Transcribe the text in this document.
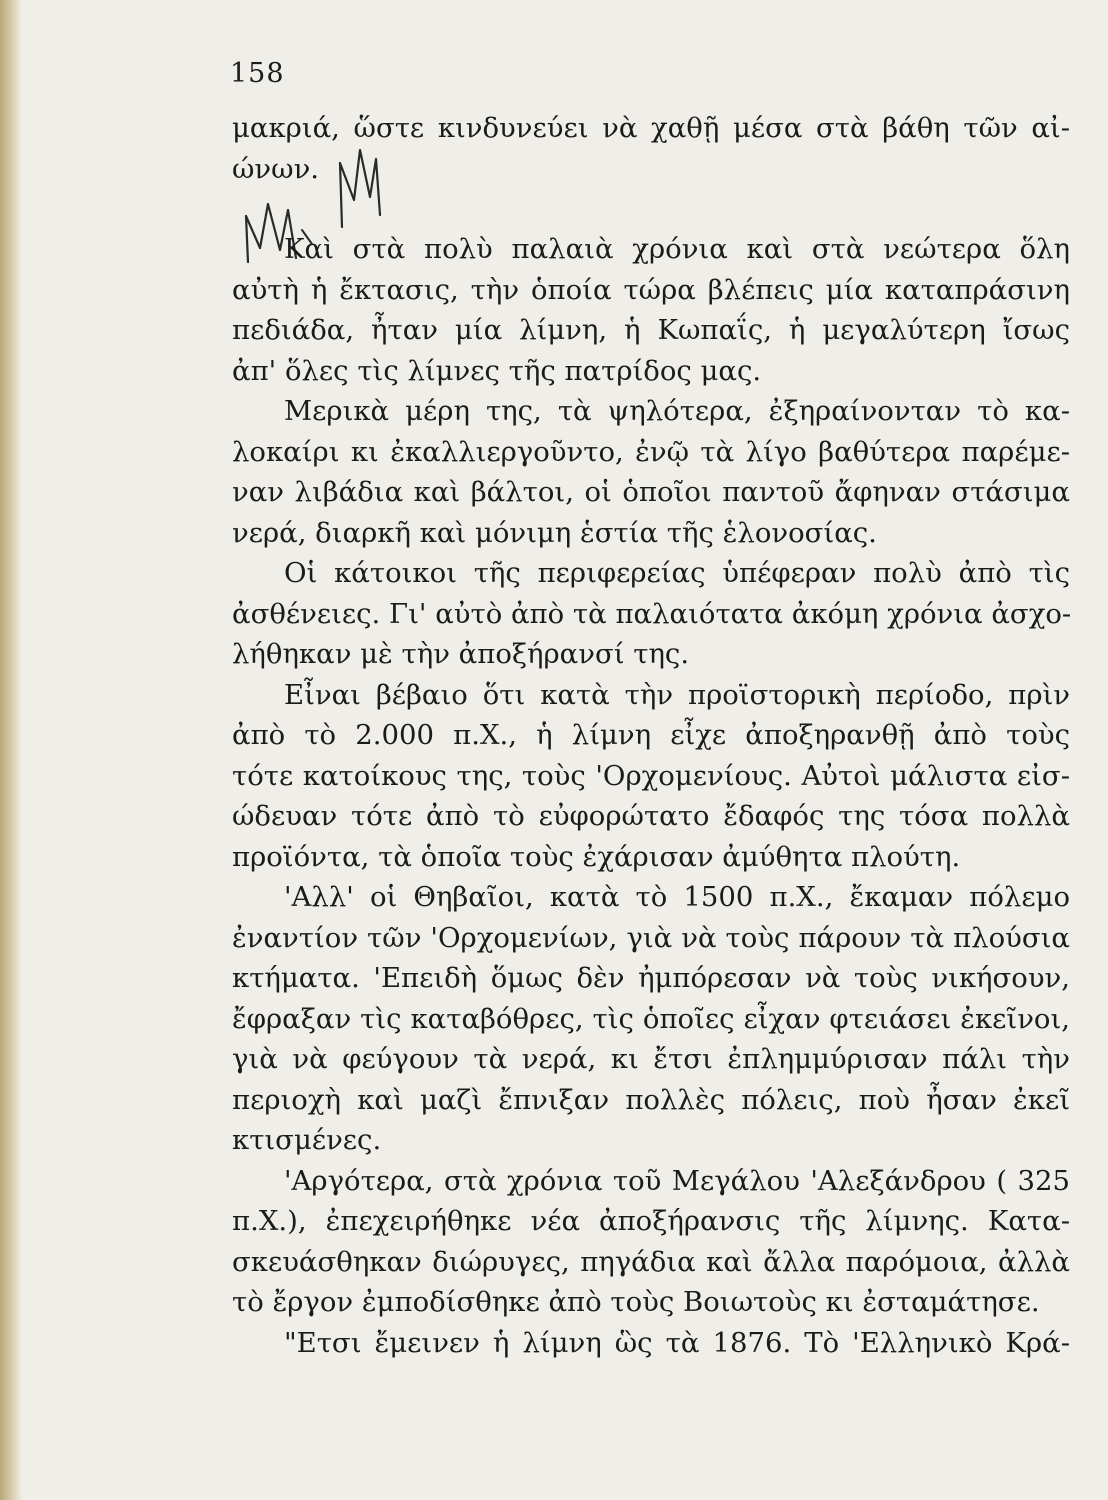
158
μακριά, ὥστε κινδυνεύει νὰ χαθῇ μέσα στὰ βάθη τῶν αἰ-
ώνων.
Καὶ στὰ πολὺ παλαιὰ χρόνια καὶ στὰ νεώτερα ὅλη
αὐτὴ ἡ ἔκτασις, τὴν ὁποία τώρα βλέπεις μία καταπράσινη
πεδιάδα, ἦταν μία λίμνη, ἡ Κωπαΐς, ἡ μεγαλύτερη ἴσως
ἀπ' ὅλες τὶς λίμνες τῆς πατρίδος μας.
Μερικὰ μέρη της, τὰ ψηλότερα, ἐξηραίνονταν τὸ κα-
λοκαίρι κι ἐκαλλιεργοῦντο, ἐνῷ τὰ λίγο βαθύτερα παρέμε-
ναν λιβάδια καὶ βάλτοι, οἱ ὁποῖοι παντοῦ ἄφηναν στάσιμα
νερά, διαρκῆ καὶ μόνιμη ἑστία τῆς ἑλονοσίας.
Οἱ κάτοικοι τῆς περιφερείας ὑπέφεραν πολὺ ἀπὸ τὶς
ἀσθένειες. Γι' αὐτὸ ἀπὸ τὰ παλαιότατα ἀκόμη χρόνια ἀσχο-
λήθηκαν μὲ τὴν ἀποξήρανσί της.
Εἶναι βέβαιο ὅτι κατὰ τὴν προϊστορικὴ περίοδο, πρὶν
ἀπὸ τὸ 2.000 π.Χ., ἡ λίμνη εἶχε ἀποξηρανθῇ ἀπὸ τοὺς
τότε κατοίκους της, τοὺς 'Ορχομενίους. Αὐτοὶ μάλιστα εἰσ-
ώδευαν τότε ἀπὸ τὸ εὐφορώτατο ἔδαφός της τόσα πολλὰ
προϊόντα, τὰ ὁποῖα τοὺς ἐχάρισαν ἀμύθητα πλούτη.
'Αλλ' οἱ Θηβαῖοι, κατὰ τὸ 1500 π.Χ., ἔκαμαν πόλεμο
ἐναντίον τῶν 'Ορχομενίων, γιὰ νὰ τοὺς πάρουν τὰ πλούσια
κτήματα. 'Επειδὴ ὅμως δὲν ἠμπόρεσαν νὰ τοὺς νικήσουν,
ἔφραξαν τὶς καταβόθρες, τὶς ὁποῖες εἶχαν φτειάσει ἐκεῖνοι,
γιὰ νὰ φεύγουν τὰ νερά, κι ἔτσι ἐπλημμύρισαν πάλι τὴν
περιοχὴ καὶ μαζὶ ἔπνιξαν πολλὲς πόλεις, ποὺ ἦσαν ἐκεῖ
κτισμένες.
'Αργότερα, στὰ χρόνια τοῦ Μεγάλου 'Αλεξάνδρου ( 325
π.Χ.), ἐπεχειρήθηκε νέα ἀποξήρανσις τῆς λίμνης. Κατα-
σκευάσθηκαν διώρυγες, πηγάδια καὶ ἄλλα παρόμοια, ἀλλὰ
τὸ ἔργον ἐμποδίσθηκε ἀπὸ τοὺς Βοιωτοὺς κι ἐσταμάτησε.
"Ετσι ἔμεινεν ἡ λίμνη ὣς τὰ 1876. Τὸ 'Ελληνικὸ Κρά-
